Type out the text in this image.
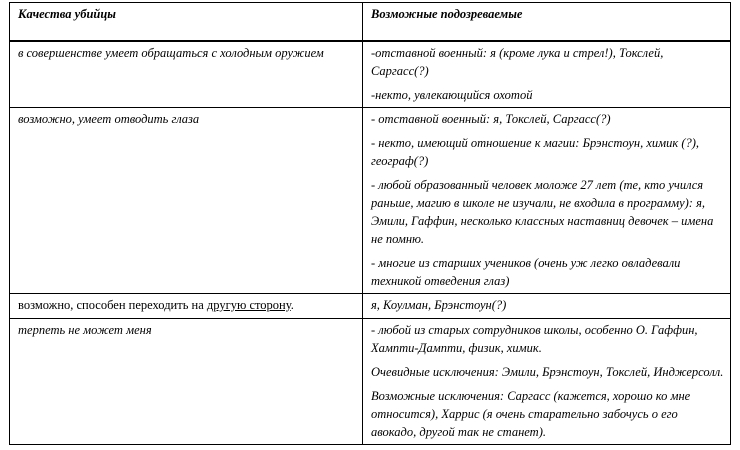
Качества убийцы	Возможные подозреваемые
в совершенстве умеет обращаться с холодным оружием	-отставной военный: я (кроме лука и стрел!), Токслей, Саргасс(?)

-некто, увлекающийся охотой

возможно, умеет отводить глаза	- отставной военный: я, Токслей, Саргасс(?)

- некто, имеющий отношение к магии: Брэнстоун, химик (?), географ(?)

- любой образованный человек моложе 27 лет (те, кто учился раньше, магию в школе не изучали, не входила в программу): я, Эмили, Гаффин, несколько классных наставниц девочек – имена не помню.

- многие из старших учеников (очень уж легко овладевали техникой отведения глаз)

возможно, способен переходить на другую сторону.	я, Коулман, Брэнстоун(?)

терпеть не может меня	- любой из старых сотрудников школы, особенно О. Гаффин, Хампти-Дампти, физик, химик.

Очевидные исключения: Эмили, Брэнстоун, Токслей, Инджерсолл.

Возможные исключения: Саргасс (кажется, хорошо ко мне относится), Харрис (я очень старательно забочусь о его авокадо, другой так не станет).
